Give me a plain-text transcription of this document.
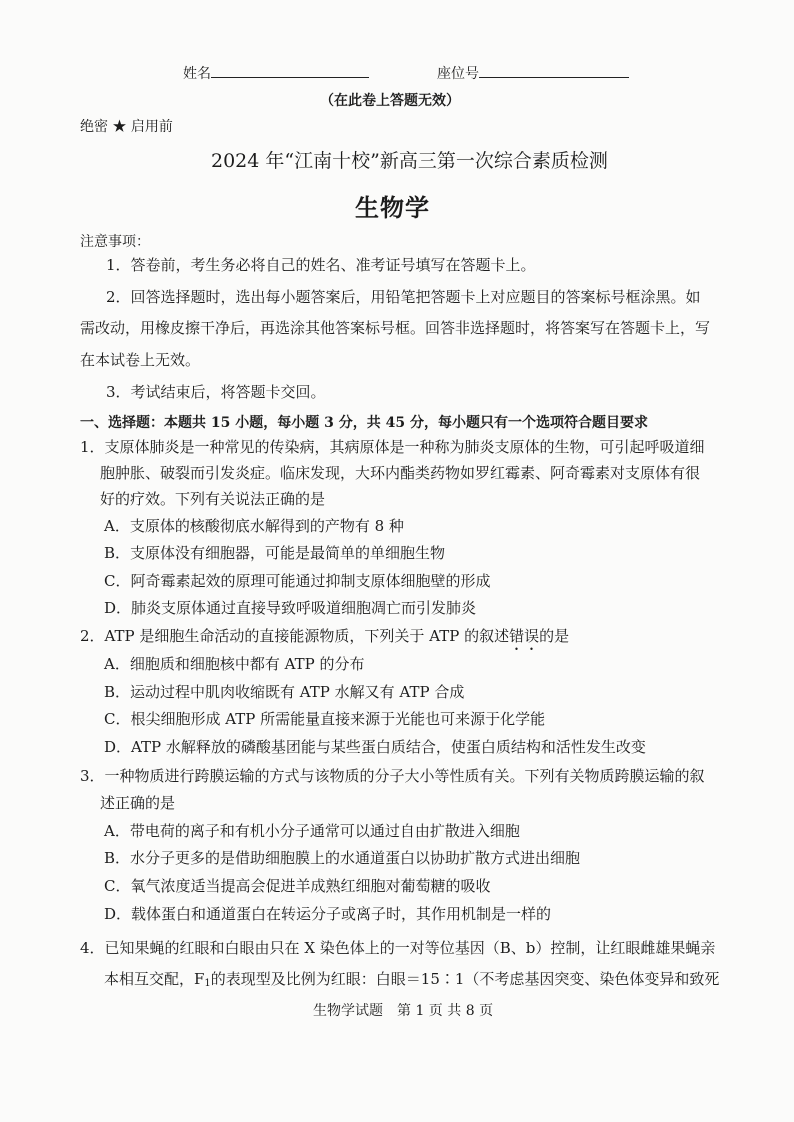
姓名	座位号
（在此卷上答题无效）
绝密 ★ 启用前
2024 年“江南十校”新高三第一次综合素质检测
生物学
注意事项：
1．答卷前，考生务必将自己的姓名、准考证号填写在答题卡上。
2．回答选择题时，选出每小题答案后，用铅笔把答题卡上对应题目的答案标号框涂黑。如
需改动，用橡皮擦干净后，再选涂其他答案标号框。回答非选择题时，将答案写在答题卡上，写
在本试卷上无效。
3．考试结束后，将答题卡交回。
一、选择题：本题共 15 小题，每小题 3 分，共 45 分，每小题只有一个选项符合题目要求
1．支原体肺炎是一种常见的传染病，其病原体是一种称为肺炎支原体的生物，可引起呼吸道细
胞肿胀、破裂而引发炎症。临床发现，大环内酯类药物如罗红霉素、阿奇霉素对支原体有很
好的疗效。下列有关说法正确的是
A．支原体的核酸彻底水解得到的产物有 8 种
B．支原体没有细胞器，可能是最简单的单细胞生物
C．阿奇霉素起效的原理可能通过抑制支原体细胞壁的形成
D．肺炎支原体通过直接导致呼吸道细胞凋亡而引发肺炎
2．ATP 是细胞生命活动的直接能源物质，下列关于 ATP 的叙述错误的是
A．细胞质和细胞核中都有 ATP 的分布
B．运动过程中肌肉收缩既有 ATP 水解又有 ATP 合成
C．根尖细胞形成 ATP 所需能量直接来源于光能也可来源于化学能
D．ATP 水解释放的磷酸基团能与某些蛋白质结合，使蛋白质结构和活性发生改变
3．一种物质进行跨膜运输的方式与该物质的分子大小等性质有关。下列有关物质跨膜运输的叙
述正确的是
A．带电荷的离子和有机小分子通常可以通过自由扩散进入细胞
B．水分子更多的是借助细胞膜上的水通道蛋白以协助扩散方式进出细胞
C．氧气浓度适当提高会促进羊成熟红细胞对葡萄糖的吸收
D．载体蛋白和通道蛋白在转运分子或离子时，其作用机制是一样的
4．已知果蝇的红眼和白眼由只在 X 染色体上的一对等位基因（B、b）控制，让红眼雌雄果蝇亲
本相互交配，$F_1$的表现型及比例为红眼：白眼＝15∶1（不考虑基因突变、染色体变异和致死
生物学试题　第 1 页 共 8 页
